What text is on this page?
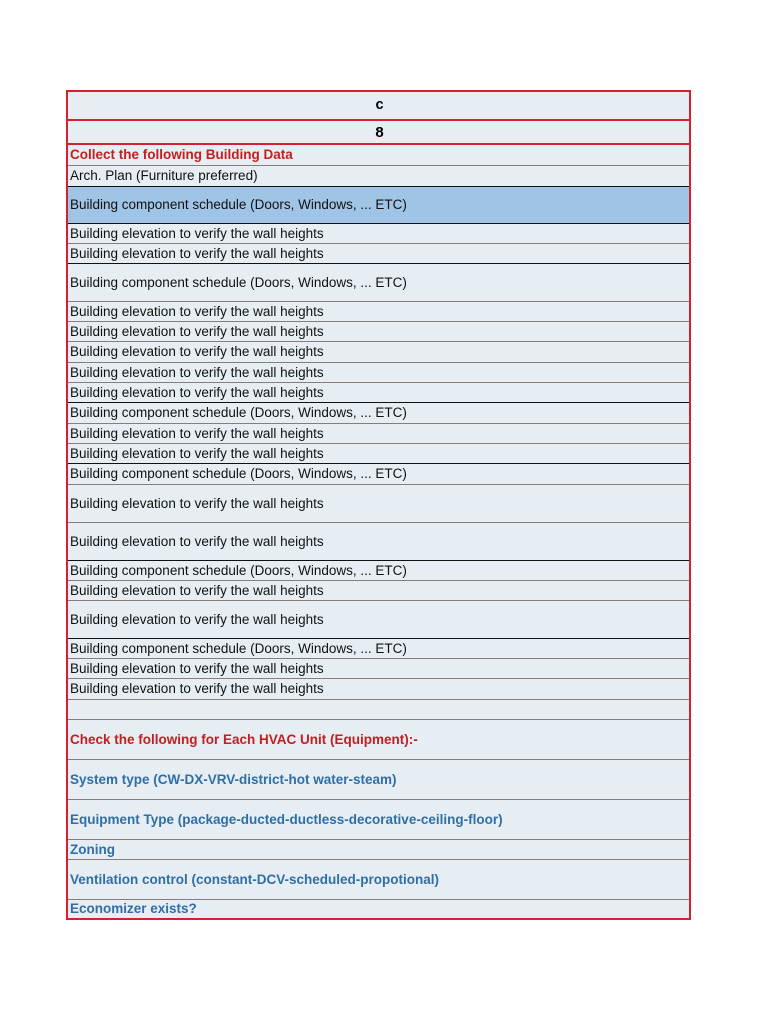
c
8
Collect the following Building Data
Arch. Plan (Furniture preferred)
Building component schedule (Doors, Windows, ... ETC)
Building elevation to verify the wall heights
Building elevation to verify the wall heights
Building component schedule (Doors, Windows, ... ETC)
Building elevation to verify the wall heights
Building elevation to verify the wall heights
Building elevation to verify the wall heights
Building elevation to verify the wall heights
Building elevation to verify the wall heights
Building component schedule (Doors, Windows, ... ETC)
Building elevation to verify the wall heights
Building elevation to verify the wall heights
Building component schedule (Doors, Windows, ... ETC)
Building elevation to verify the wall heights
Building elevation to verify the wall heights
Building component schedule (Doors, Windows, ... ETC)
Building elevation to verify the wall heights
Building elevation to verify the wall heights
Building component schedule (Doors, Windows, ... ETC)
Building elevation to verify the wall heights
Building elevation to verify the wall heights

Check the following for Each HVAC Unit (Equipment):-
System type (CW-DX-VRV-district-hot water-steam)
Equipment Type (package-ducted-ductless-decorative-ceiling-floor)
Zoning
Ventilation control (constant-DCV-scheduled-propotional)
Economizer exists?
